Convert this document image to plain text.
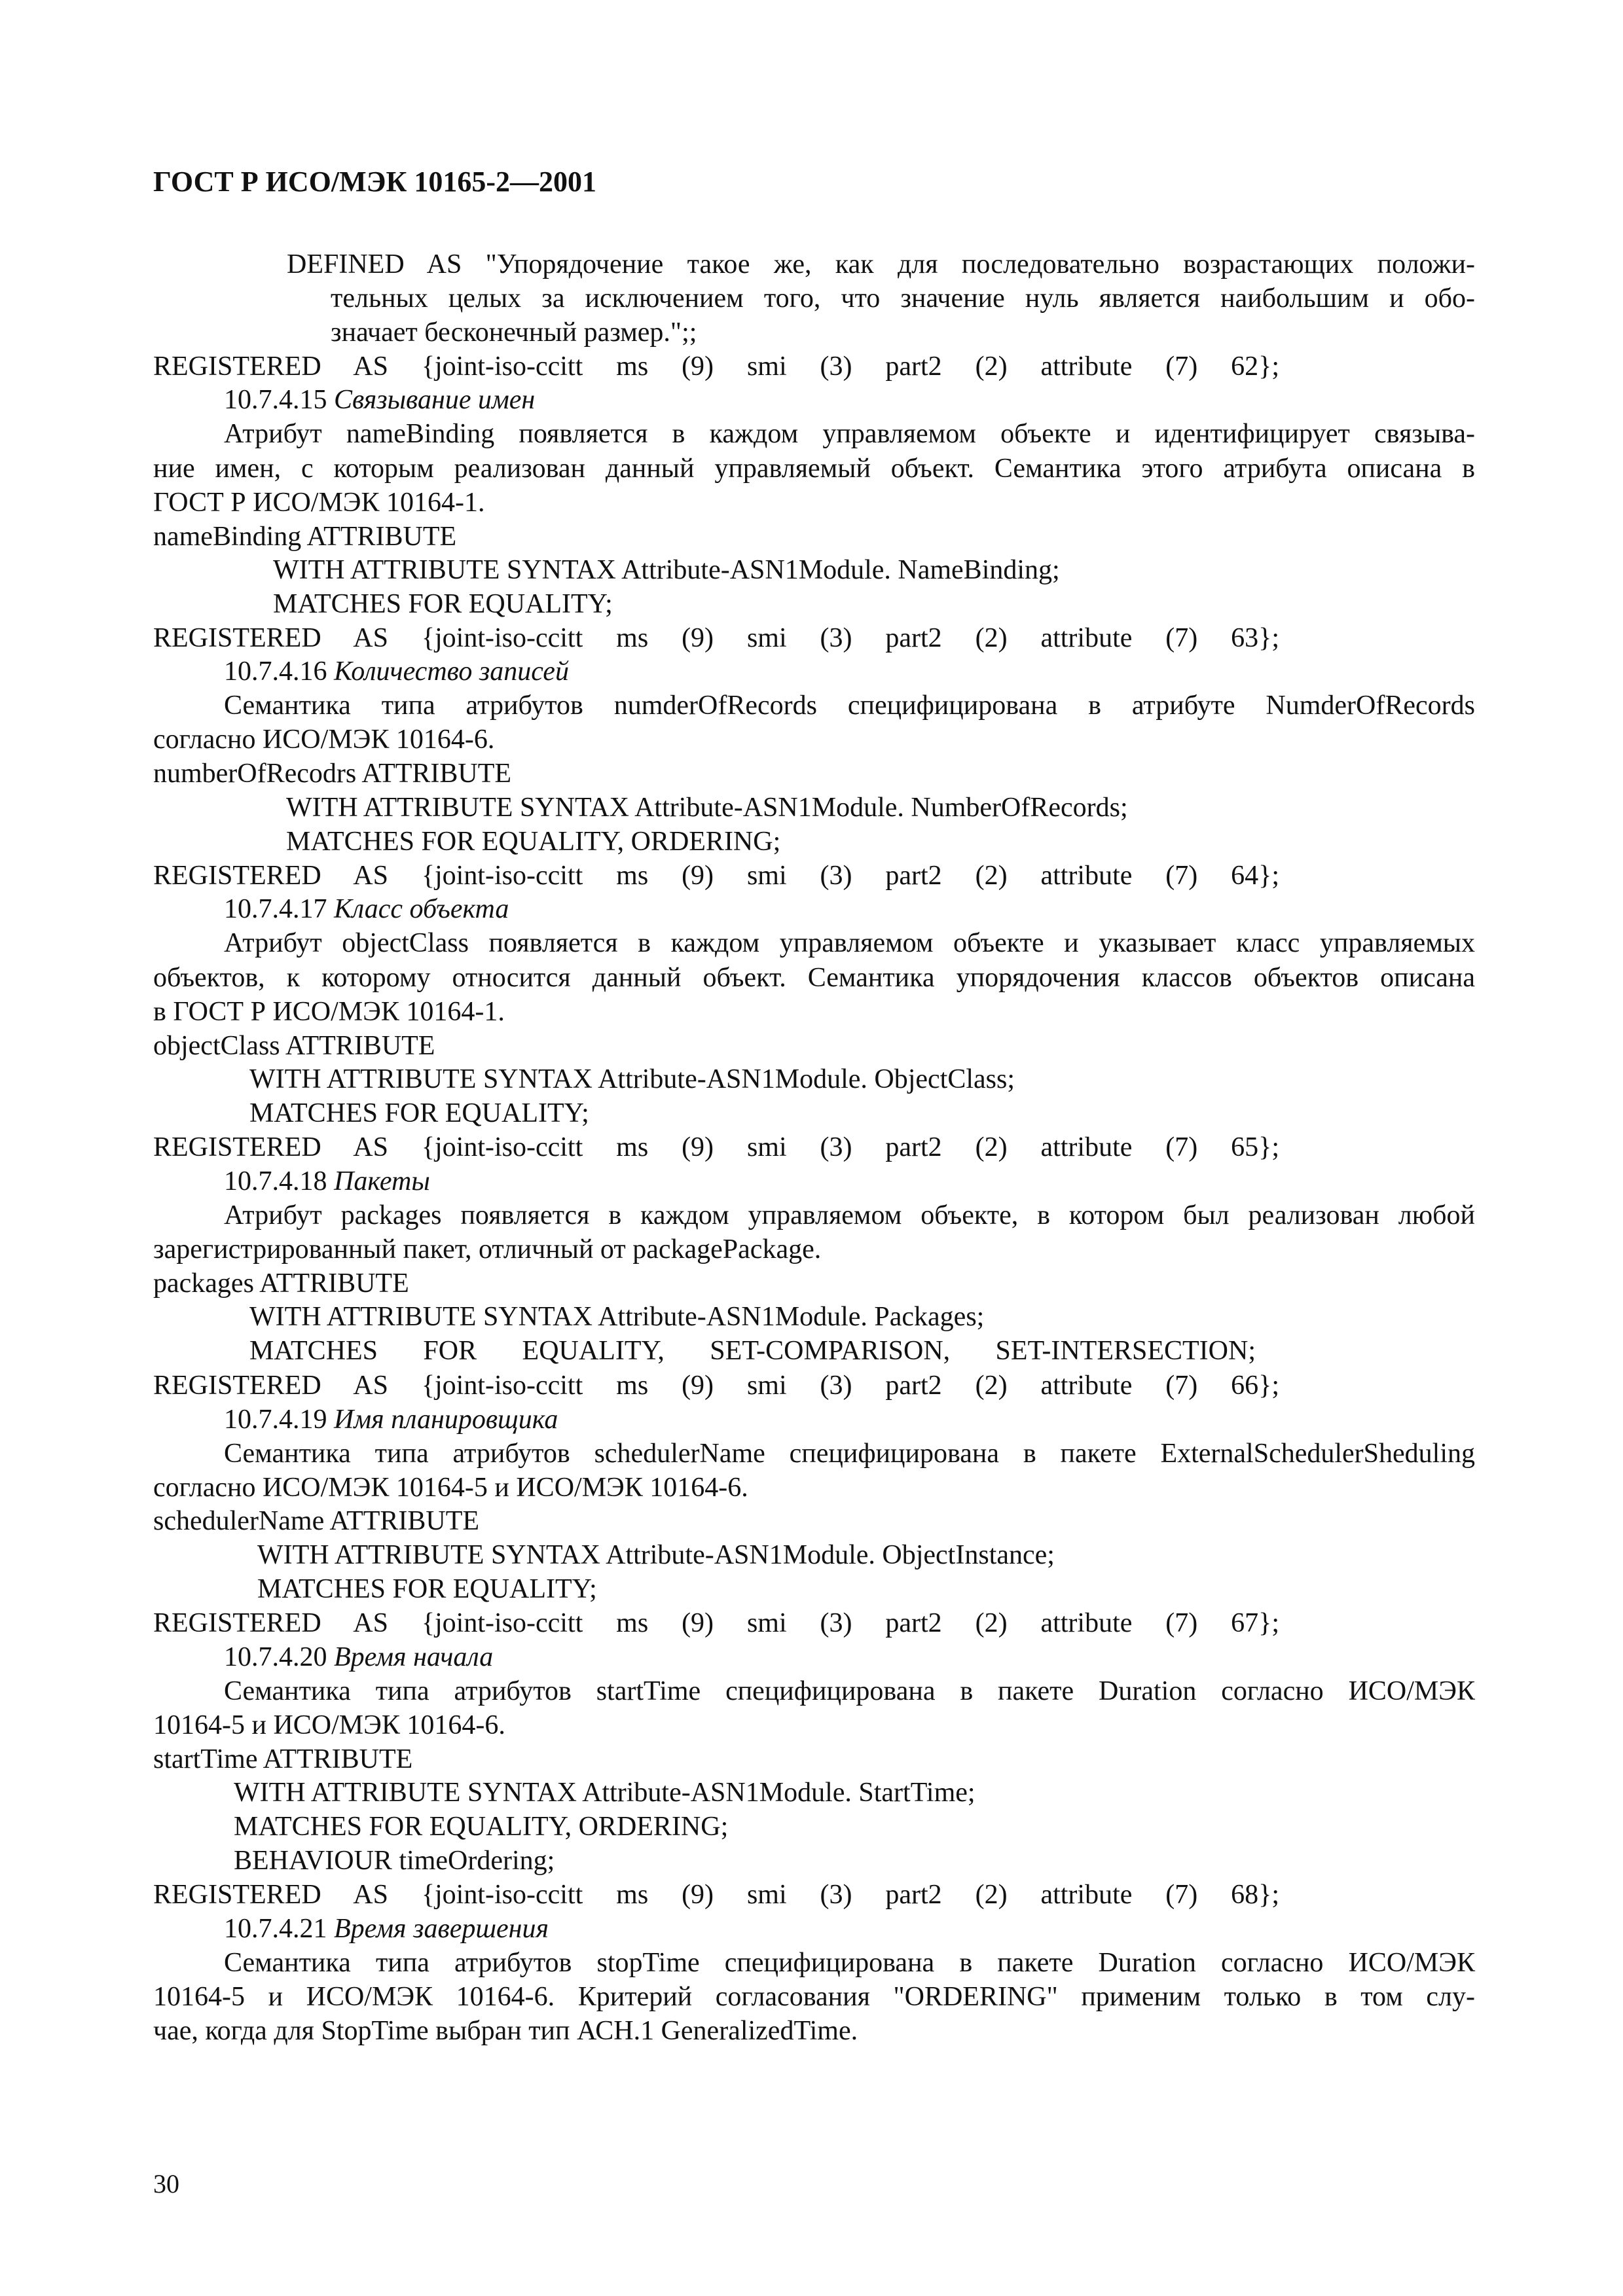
ГОСТ Р ИСО/МЭК 10165-2—2001
DEFINED AS "Упорядочение такое же, как для последовательно возрастающих положи-
тельных целых за исключением того, что значение нуль является наибольшим и обо-
значает бесконечный размер.";;
REGISTERED AS {joint-iso-ccitt ms (9) smi (3) part2 (2) attribute (7) 62};
10.7.4.15 Связывание имен
Атрибут nameBinding появляется в каждом управляемом объекте и идентифицирует связыва-
ние имен, с которым реализован данный управляемый объект. Семантика этого атрибута описана в
ГОСТ Р ИСО/МЭК 10164-1.
nameBinding ATTRIBUTE
WITH ATTRIBUTE SYNTAX Attribute-ASN1Module. NameBinding;
MATCHES FOR EQUALITY;
REGISTERED AS {joint-iso-ccitt ms (9) smi (3) part2 (2) attribute (7) 63};
10.7.4.16 Количество записей
Семантика типа атрибутов numderOfRecords специфицирована в атрибуте NumderOfRecords
согласно ИСО/МЭК 10164-6.
numberOfRecodrs ATTRIBUTE
WITH ATTRIBUTE SYNTAX Attribute-ASN1Module. NumberOfRecords;
MATCHES FOR EQUALITY, ORDERING;
REGISTERED AS {joint-iso-ccitt ms (9) smi (3) part2 (2) attribute (7) 64};
10.7.4.17 Класс объекта
Атрибут objectClass появляется в каждом управляемом объекте и указывает класс управляемых
объектов, к которому относится данный объект. Семантика упорядочения классов объектов описана
в ГОСТ Р ИСО/МЭК 10164-1.
objectClass ATTRIBUTE
WITH ATTRIBUTE SYNTAX Attribute-ASN1Module. ObjectClass;
MATCHES FOR EQUALITY;
REGISTERED AS {joint-iso-ccitt ms (9) smi (3) part2 (2) attribute (7) 65};
10.7.4.18 Пакеты
Атрибут packages появляется в каждом управляемом объекте, в котором был реализован любой
зарегистрированный пакет, отличный от packagePackage.
packages ATTRIBUTE
WITH ATTRIBUTE SYNTAX Attribute-ASN1Module. Packages;
MATCHES FOR EQUALITY, SET-COMPARISON, SET-INTERSECTION;
REGISTERED AS {joint-iso-ccitt ms (9) smi (3) part2 (2) attribute (7) 66};
10.7.4.19 Имя планировщика
Семантика типа атрибутов schedulerName специфицирована в пакете ExternalSchedulerSheduling
согласно ИСО/МЭК 10164-5 и ИСО/МЭК 10164-6.
schedulerName ATTRIBUTE
WITH ATTRIBUTE SYNTAX Attribute-ASN1Module. ObjectInstance;
MATCHES FOR EQUALITY;
REGISTERED AS {joint-iso-ccitt ms (9) smi (3) part2 (2) attribute (7) 67};
10.7.4.20 Время начала
Семантика типа атрибутов startTime специфицирована в пакете Duration согласно ИСО/МЭК
10164-5 и ИСО/МЭК 10164-6.
startTime ATTRIBUTE
WITH ATTRIBUTE SYNTAX Attribute-ASN1Module. StartTime;
MATCHES FOR EQUALITY, ORDERING;
BEHAVIOUR timeOrdering;
REGISTERED AS {joint-iso-ccitt ms (9) smi (3) part2 (2) attribute (7) 68};
10.7.4.21 Время завершения
Семантика типа атрибутов stopTime специфицирована в пакете Duration согласно ИСО/МЭК
10164-5 и ИСО/МЭК 10164-6. Критерий согласования "ORDERING" применим только в том слу-
чае, когда для StopTime выбран тип АСН.1 GeneralizedTime.
30
